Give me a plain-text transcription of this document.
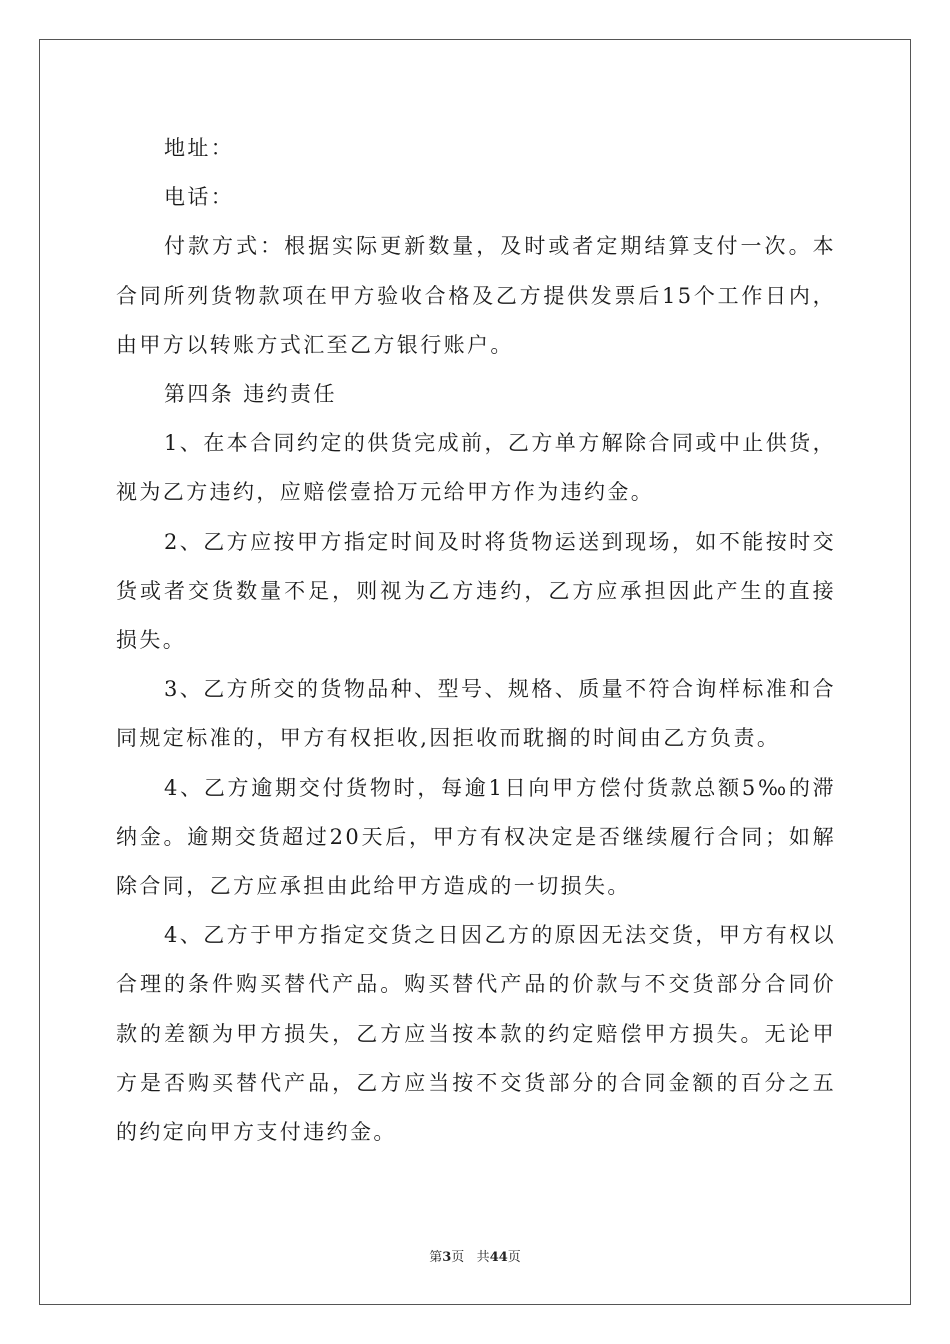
地址：

电话：

付款方式：根据实际更新数量，及时或者定期结算支付一次。本合同所列货物款项在甲方验收合格及乙方提供发票后15个工作日内，由甲方以转账方式汇至乙方银行账户。

第四条 违约责任

1、在本合同约定的供货完成前，乙方单方解除合同或中止供货，视为乙方违约，应赔偿壹拾万元给甲方作为违约金。

2、乙方应按甲方指定时间及时将货物运送到现场，如不能按时交货或者交货数量不足，则视为乙方违约，乙方应承担因此产生的直接损失。

3、乙方所交的货物品种、型号、规格、质量不符合询样标准和合同规定标准的，甲方有权拒收,因拒收而耽搁的时间由乙方负责。

4、乙方逾期交付货物时，每逾1日向甲方偿付货款总额5‰的滞纳金。逾期交货超过20天后，甲方有权决定是否继续履行合同；如解除合同，乙方应承担由此给甲方造成的一切损失。

4、乙方于甲方指定交货之日因乙方的原因无法交货，甲方有权以合理的条件购买替代产品。购买替代产品的价款与不交货部分合同价款的差额为甲方损失，乙方应当按本款的约定赔偿甲方损失。无论甲方是否购买替代产品，乙方应当按不交货部分的合同金额的百分之五的约定向甲方支付违约金。

第3页 共44页
